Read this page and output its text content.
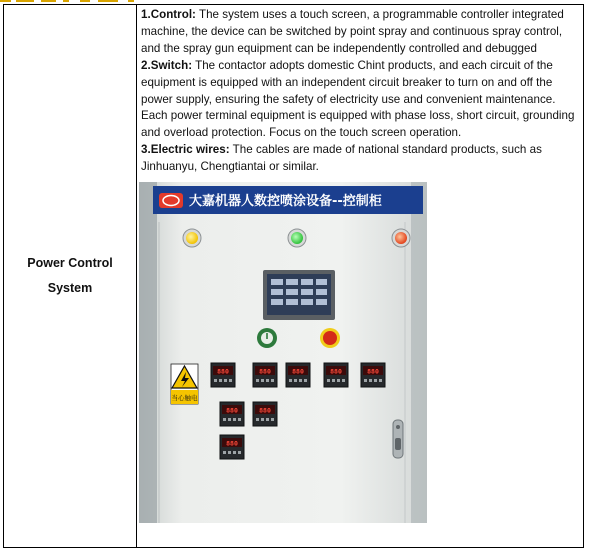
Power Control
System

1.Control: The system uses a touch screen, a programmable controller integrated machine, the device can be switched by point spray and continuous spray control, and the spray gun equipment can be independently controlled and debugged

2.Switch: The contactor adopts domestic Chint products, and each circuit of the equipment is equipped with an independent circuit breaker to turn on and off the power supply, ensuring the safety of electricity use and convenient maintenance. Each power terminal equipment is equipped with phase loss, short circuit, grounding and overload protection. Focus on the touch screen operation.

3.Electric wires: The cables are made of national standard products, such as Jinhuanyu, Chengtiantai or similar.

大嘉机器人数控喷涂设备--控制柜
当心触电
880	880	880	880	880
880	880
880
